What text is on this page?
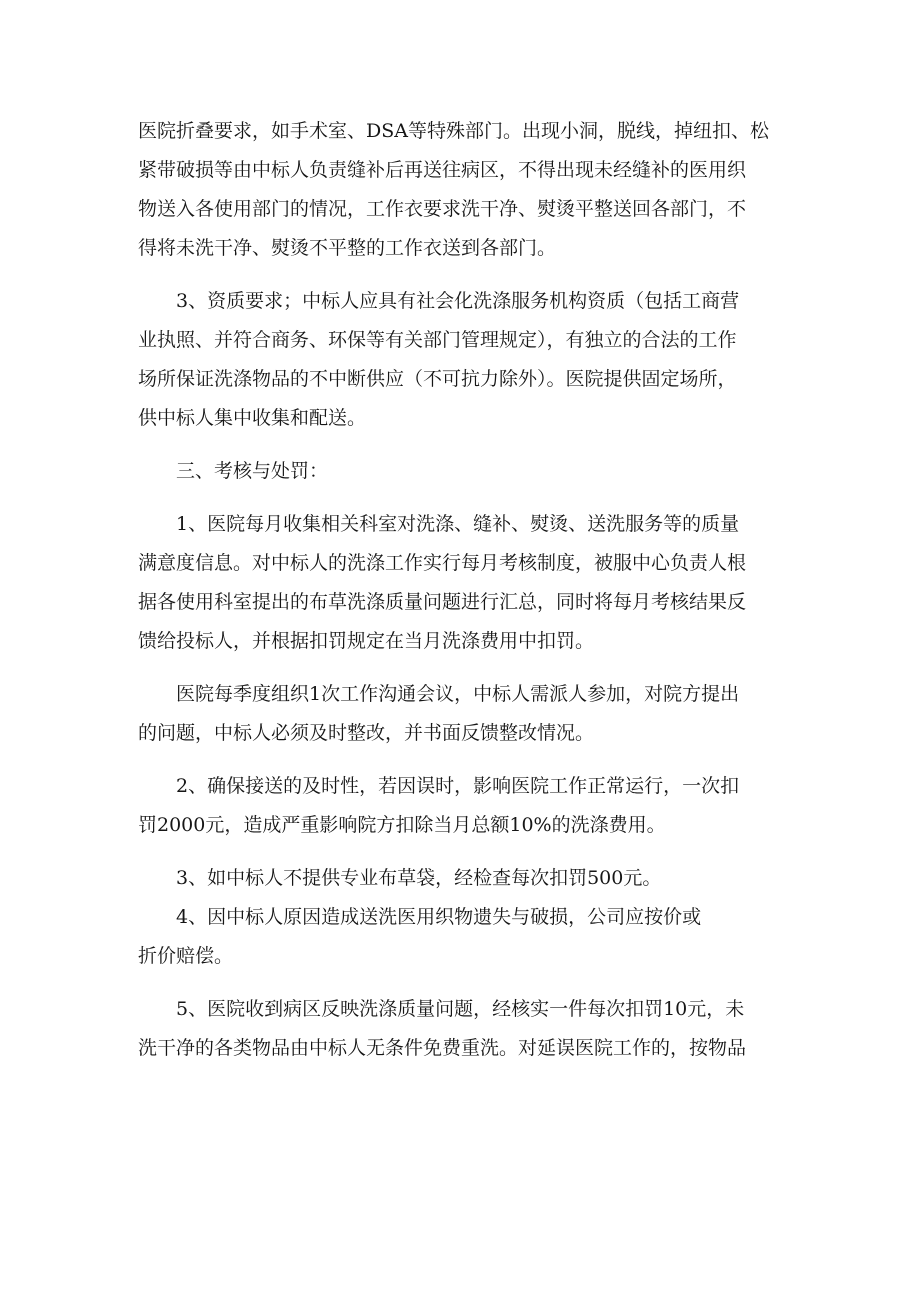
医院折叠要求，如手术室、DSA等特殊部门。出现小洞，脱线，掉纽扣、松
紧带破损等由中标人负责缝补后再送往病区，不得出现未经缝补的医用织
物送入各使用部门的情况，工作衣要求洗干净、熨烫平整送回各部门，不
得将未洗干净、熨烫不平整的工作衣送到各部门。

3、资质要求；中标人应具有社会化洗涤服务机构资质（包括工商营
业执照、并符合商务、环保等有关部门管理规定），有独立的合法的工作
场所保证洗涤物品的不中断供应（不可抗力除外）。医院提供固定场所，
供中标人集中收集和配送。

三、考核与处罚：

1、医院每月收集相关科室对洗涤、缝补、熨烫、送洗服务等的质量
满意度信息。对中标人的洗涤工作实行每月考核制度，被服中心负责人根
据各使用科室提出的布草洗涤质量问题进行汇总，同时将每月考核结果反
馈给投标人，并根据扣罚规定在当月洗涤费用中扣罚。

医院每季度组织1次工作沟通会议，中标人需派人参加，对院方提出
的问题，中标人必须及时整改，并书面反馈整改情况。

2、确保接送的及时性，若因误时，影响医院工作正常运行，一次扣
罚2000元，造成严重影响院方扣除当月总额10%的洗涤费用。

3、如中标人不提供专业布草袋，经检查每次扣罚500元。

4、因中标人原因造成送洗医用织物遗失与破损，公司应按价或
折价赔偿。

5、医院收到病区反映洗涤质量问题，经核实一件每次扣罚10元，未
洗干净的各类物品由中标人无条件免费重洗。对延误医院工作的，按物品
